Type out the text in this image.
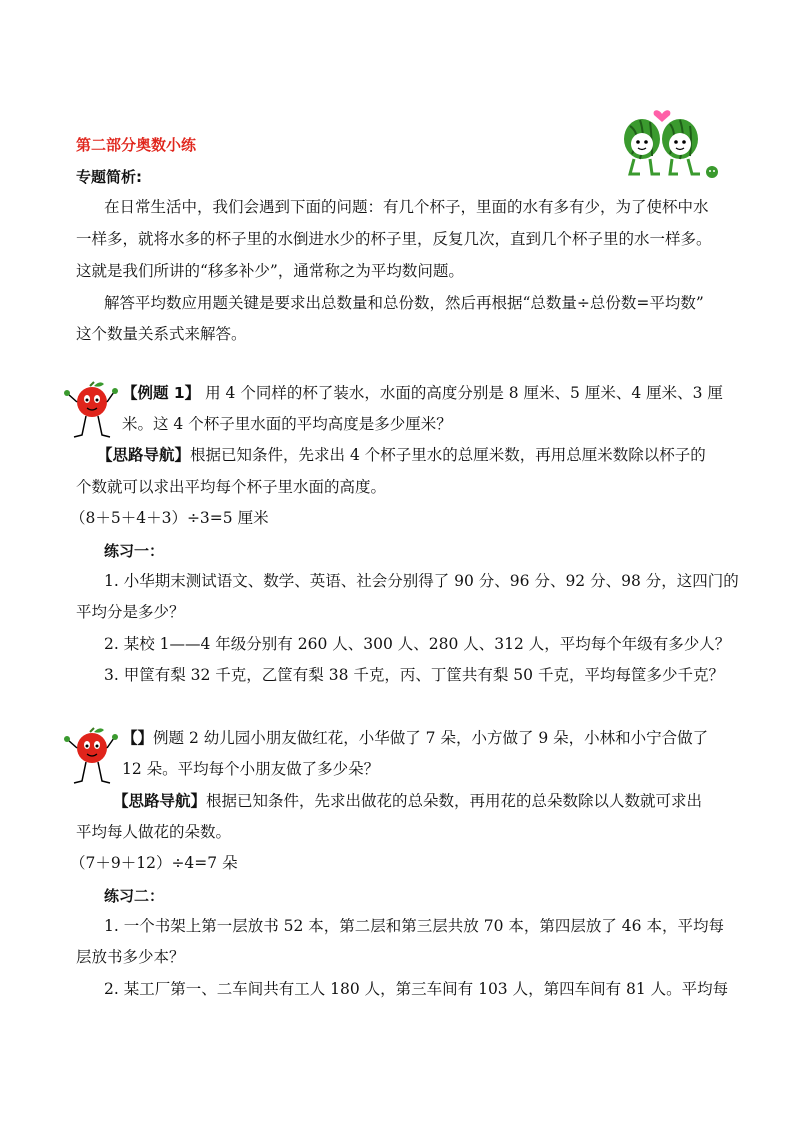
第二部分奥数小练
专题简析:
在日常生活中，我们会遇到下面的问题：有几个杯子，里面的水有多有少，为了使杯中水
一样多，就将水多的杯子里的水倒进水少的杯子里，反复几次，直到几个杯子里的水一样多。
这就是我们所讲的“移多补少”，通常称之为平均数问题。
解答平均数应用题关键是要求出总数量和总份数，然后再根据“总数量÷总份数=平均数”
这个数量关系式来解答。
【例题 1】 用 4 个同样的杯了装水，水面的高度分别是 8 厘米、5 厘米、4 厘米、3 厘
米。这 4 个杯子里水面的平均高度是多少厘米？
【思路导航】根据已知条件，先求出 4 个杯子里水的总厘米数，再用总厘米数除以杯子的
个数就可以求出平均每个杯子里水面的高度。
（8＋5＋4＋3）÷3=5 厘米
练习一：
1. 小华期末测试语文、数学、英语、社会分别得了 90 分、96 分、92 分、98 分，这四门的
平均分是多少？
2. 某校 1——4 年级分别有 260 人、300 人、280 人、312 人，平均每个年级有多少人？
3. 甲筐有梨 32 千克，乙筐有梨 38 千克，丙、丁筐共有梨 50 千克，平均每筐多少千克？
【】例题 2 幼儿园小朋友做红花，小华做了 7 朵，小方做了 9 朵，小林和小宁合做了
12 朵。平均每个小朋友做了多少朵？
【思路导航】根据已知条件，先求出做花的总朵数，再用花的总朵数除以人数就可求出
平均每人做花的朵数。
（7＋9＋12）÷4=7 朵
练习二：
1. 一个书架上第一层放书 52 本，第二层和第三层共放 70 本，第四层放了 46 本，平均每
层放书多少本？
2. 某工厂第一、二车间共有工人 180 人，第三车间有 103 人，第四车间有 81 人。平均每
